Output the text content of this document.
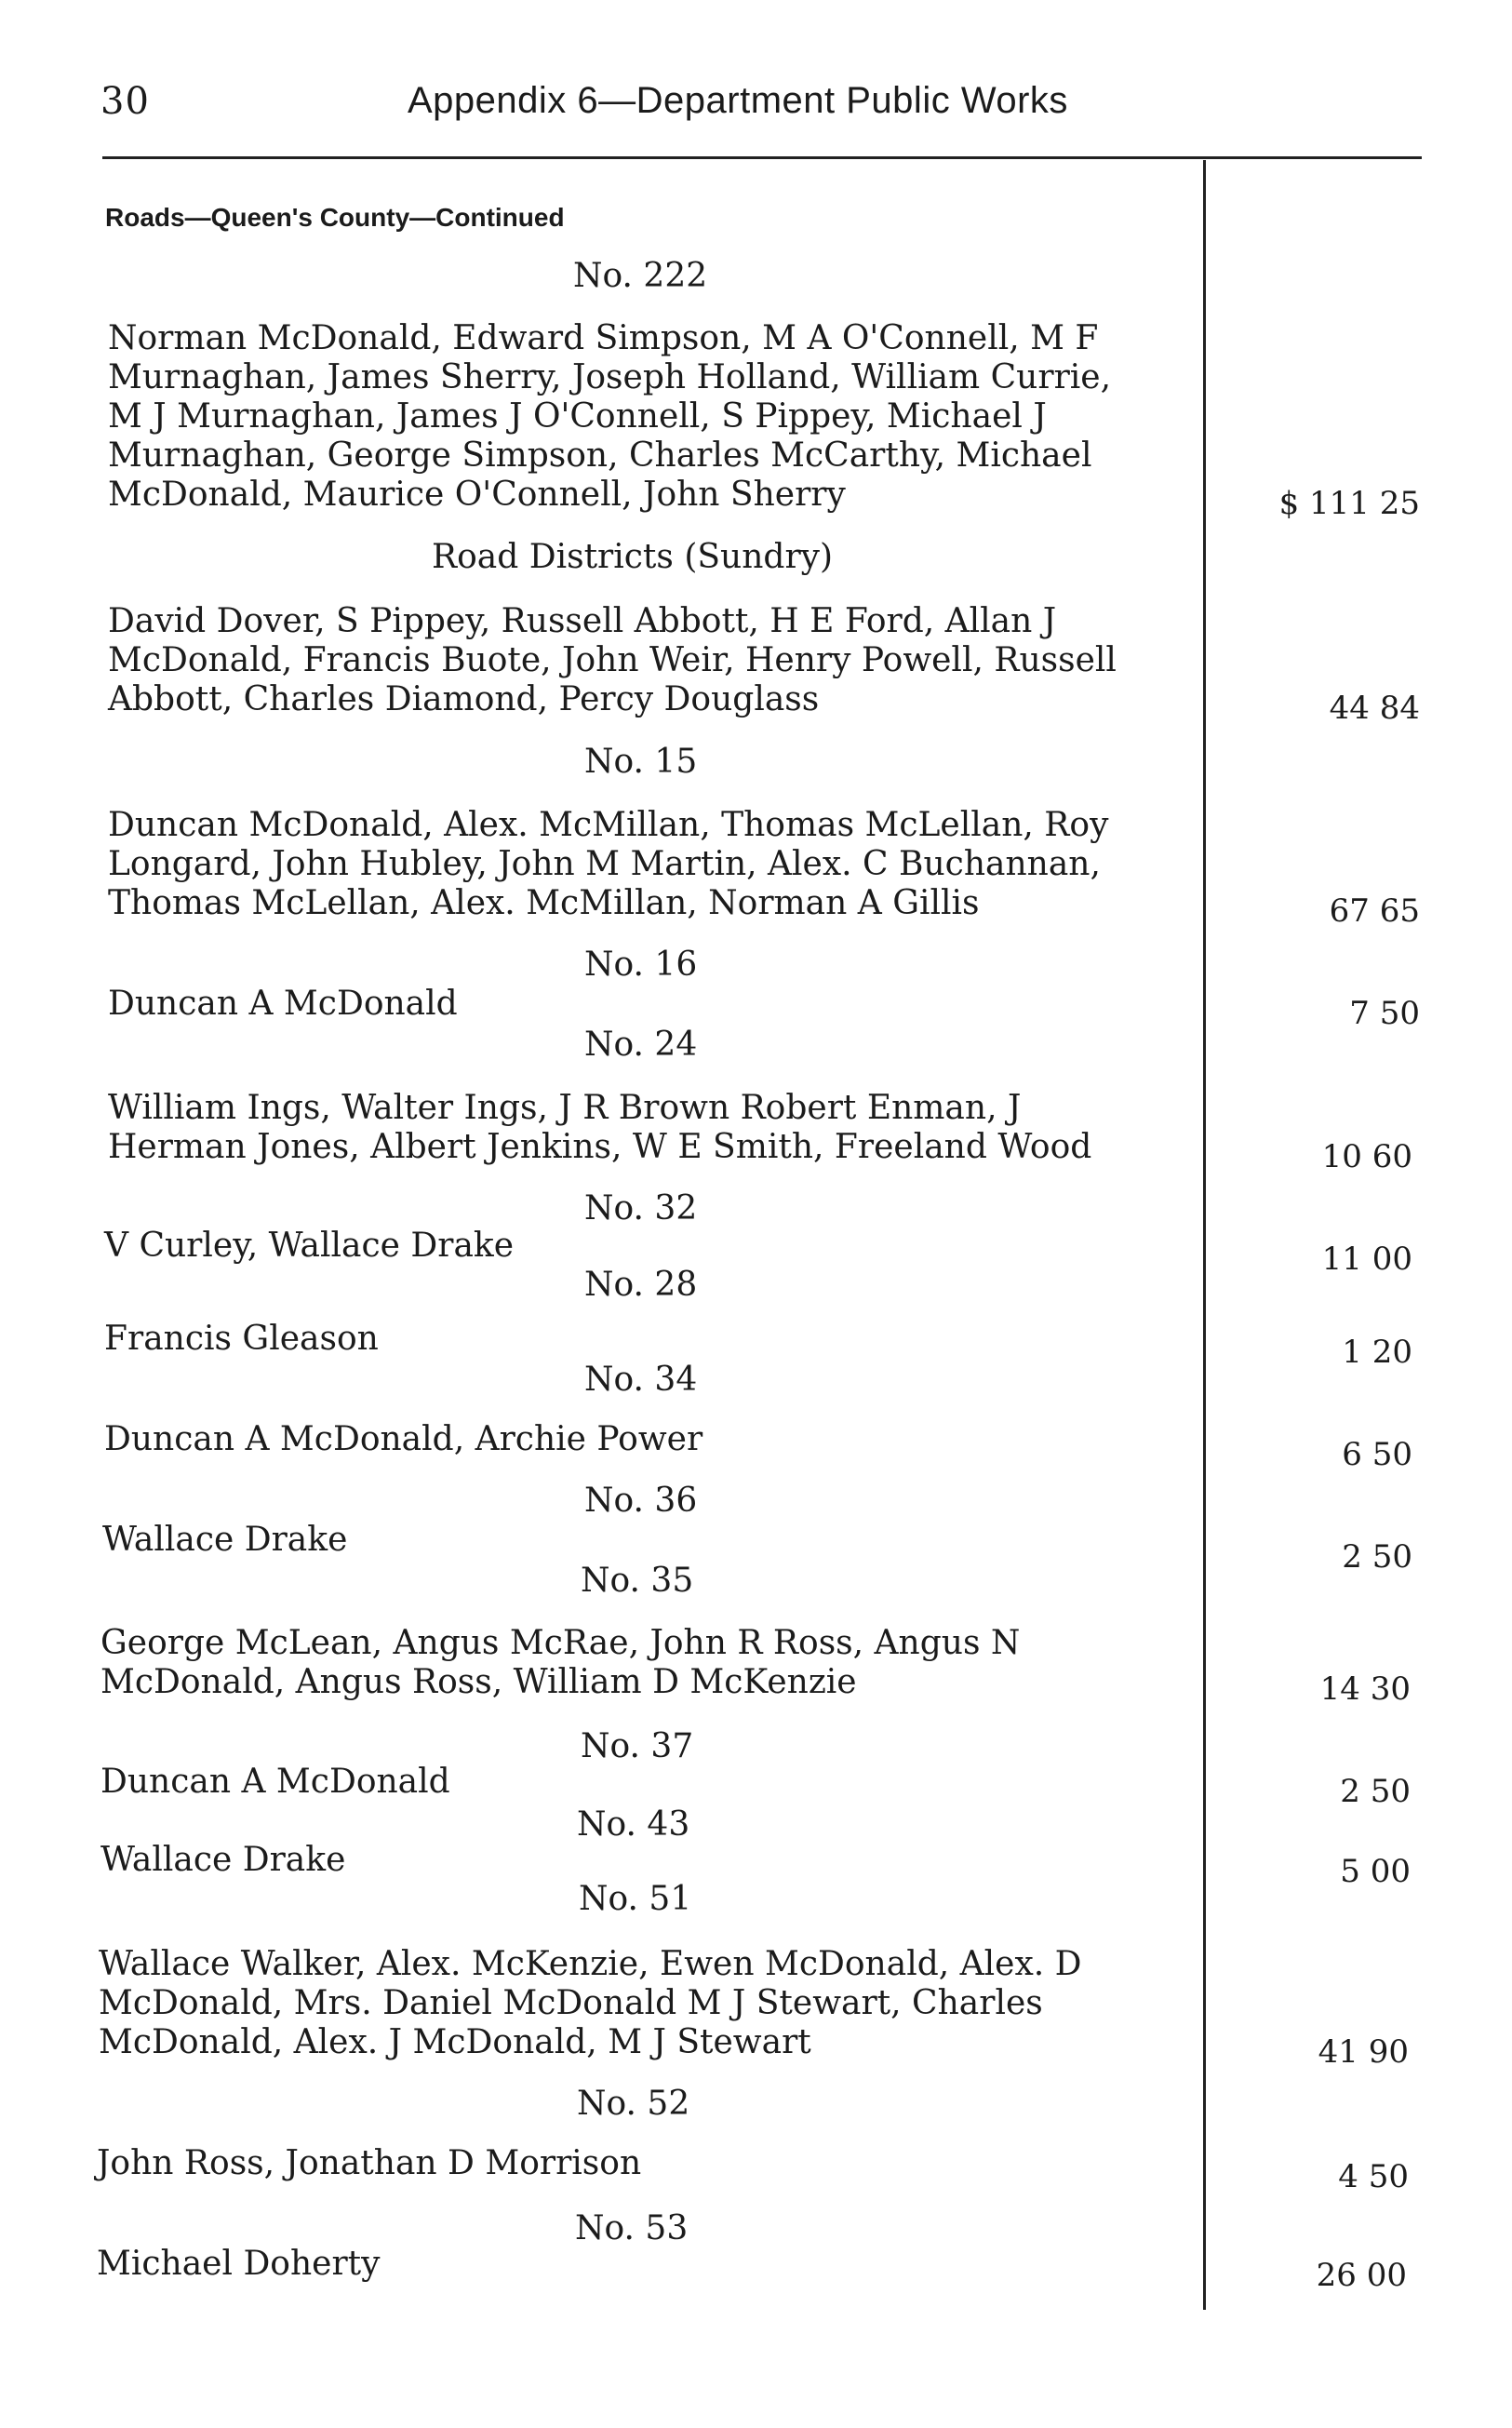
30	Appendix 6—Department Public Works
Roads—Queen's County—Continued
No. 222
Norman McDonald, Edward Simpson, M A O'Connell, M F
Murnaghan, James Sherry, Joseph Holland, William Currie,
M J Murnaghan, James J O'Connell, S Pippey, Michael J
Murnaghan, George Simpson, Charles McCarthy, Michael
McDonald, Maurice O'Connell, John Sherry	$ 111 25
Road Districts (Sundry)
David Dover, S Pippey, Russell Abbott, H E Ford, Allan J
McDonald, Francis Buote, John Weir, Henry Powell, Russell
Abbott, Charles Diamond, Percy Douglass	44 84
No. 15
Duncan McDonald, Alex. McMillan, Thomas McLellan, Roy
Longard, John Hubley, John M Martin, Alex. C Buchannan,
Thomas McLellan, Alex. McMillan, Norman A Gillis	67 65
No. 16
Duncan A McDonald	7 50
No. 24
William Ings, Walter Ings, J R Brown Robert Enman, J
Herman Jones, Albert Jenkins, W E Smith, Freeland Wood	10 60
No. 32
V Curley, Wallace Drake	11 00
No. 28
Francis Gleason	1 20
No. 34
Duncan A McDonald, Archie Power	6 50
No. 36
Wallace Drake	2 50
No. 35
George McLean, Angus McRae, John R Ross, Angus N
McDonald, Angus Ross, William D McKenzie	14 30
No. 37
Duncan A McDonald	2 50
No. 43
Wallace Drake	5 00
No. 51
Wallace Walker, Alex. McKenzie, Ewen McDonald, Alex. D
McDonald, Mrs. Daniel McDonald M J Stewart, Charles
McDonald, Alex. J McDonald, M J Stewart	41 90
No. 52
John Ross, Jonathan D Morrison	4 50
No. 53
Michael Doherty	26 00
